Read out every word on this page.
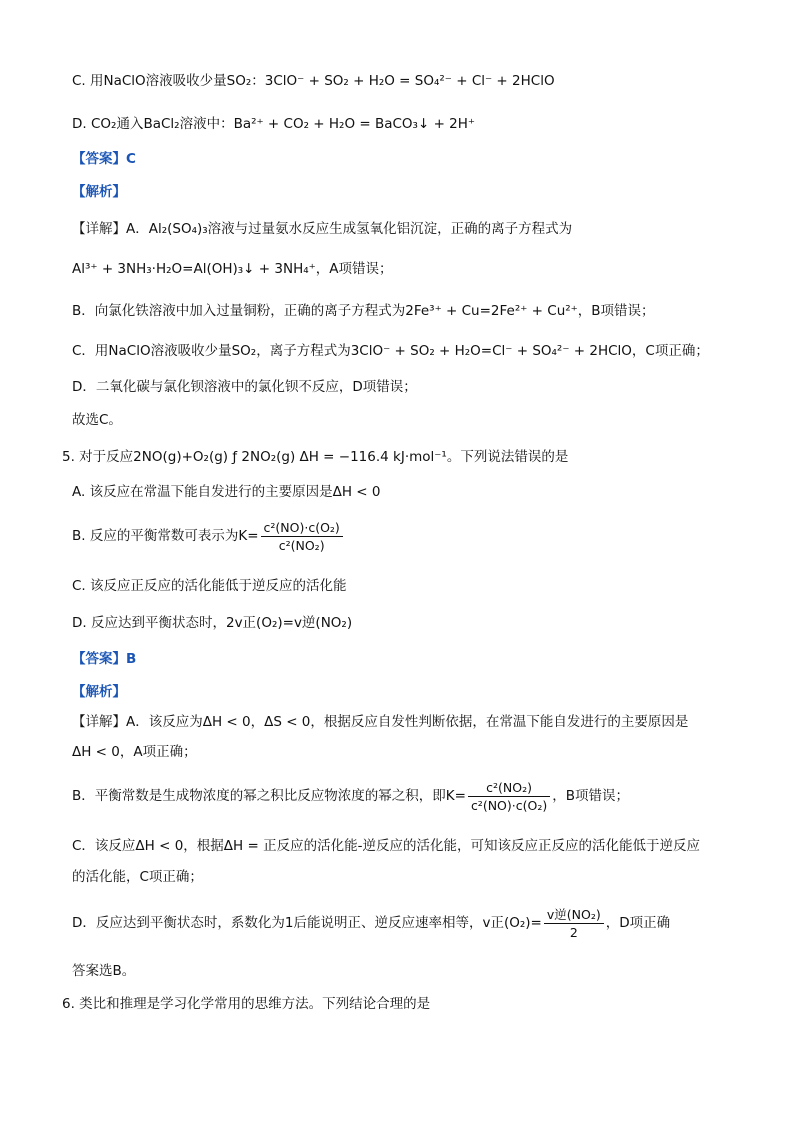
C. 用NaClO溶液吸收少量SO₂：3ClO⁻ + SO₂ + H₂O = SO₄²⁻ + Cl⁻ + 2HClO
D. CO₂通入BaCl₂溶液中：Ba²⁺ + CO₂ + H₂O = BaCO₃↓ + 2H⁺
【答案】C
【解析】
【详解】A．Al₂(SO₄)₃溶液与过量氨水反应生成氢氧化铝沉淀，正确的离子方程式为
Al³⁺ + 3NH₃·H₂O=Al(OH)₃↓ + 3NH₄⁺，A项错误；
B．向氯化铁溶液中加入过量铜粉，正确的离子方程式为2Fe³⁺ + Cu=2Fe²⁺ + Cu²⁺，B项错误；
C．用NaClO溶液吸收少量SO₂，离子方程式为3ClO⁻ + SO₂ + H₂O=Cl⁻ + SO₄²⁻ + 2HClO，C项正确；
D．二氧化碳与氯化钡溶液中的氯化钡不反应，D项错误；
故选C。
5. 对于反应2NO(g)+O₂(g) ƒ 2NO₂(g) ΔH = −116.4 kJ·mol⁻¹。下列说法错误的是
A. 该反应在常温下能自发进行的主要原因是ΔH < 0
B. 反应的平衡常数可表示为$K= \frac{\text{c²(NO)·c(O₂)}}{\text{c²(NO₂)}}$
C. 该反应正反应的活化能低于逆反应的活化能
D. 反应达到平衡状态时，2v正(O₂)=v逆(NO₂)
【答案】B
【解析】
【详解】A．该反应为ΔH < 0，ΔS < 0，根据反应自发性判断依据，在常温下能自发进行的主要原因是
ΔH < 0，A项正确；
B．平衡常数是生成物浓度的幂之积比反应物浓度的幂之积，即$K= \frac{\text{c²(NO₂)}}{\text{c²(NO)·c(O₂)}}$ ，B项错误；
C．该反应ΔH < 0，根据ΔH = 正反应的活化能-逆反应的活化能，可知该反应正反应的活化能低于逆反应
的活化能，C项正确；
D．反应达到平衡状态时，系数化为1后能说明正、逆反应速率相等，v正$(O_2)= \frac{\text{v逆(NO₂)}}{2}$ ，D项正确
答案选B。
6. 类比和推理是学习化学常用的思维方法。下列结论合理的是
